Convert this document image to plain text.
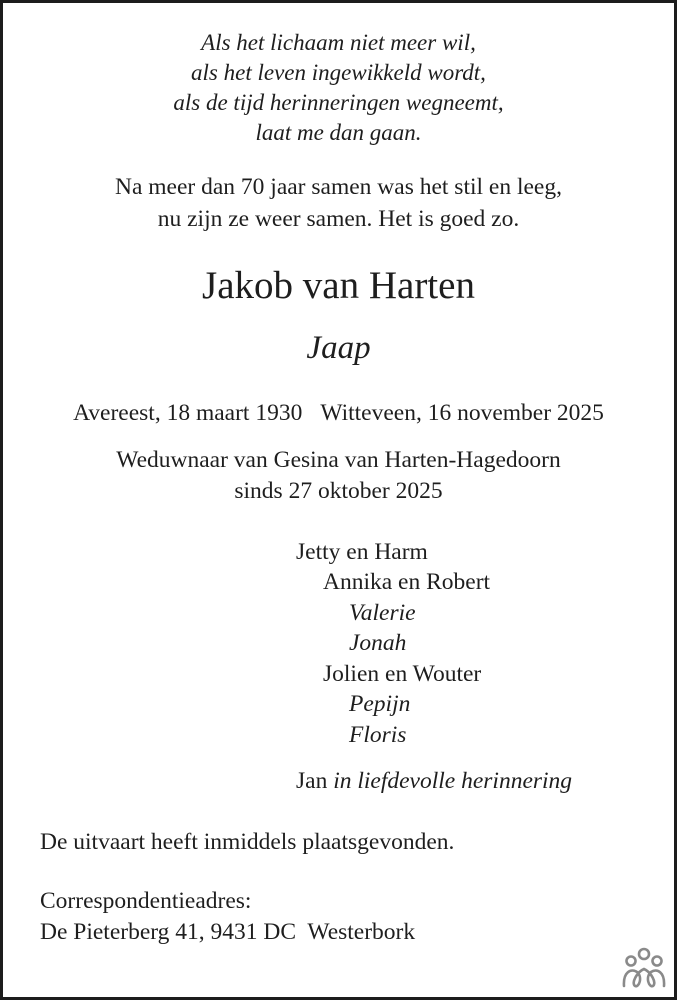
Als het lichaam niet meer wil,
als het leven ingewikkeld wordt,
als de tijd herinneringen wegneemt,
laat me dan gaan.
Na meer dan 70 jaar samen was het stil en leeg,
nu zijn ze weer samen. Het is goed zo.
Jakob van Harten
Jaap
Avereest, 18 maart 1930 Witteveen, 16 november 2025
Weduwnaar van Gesina van Harten-Hagedoorn
sinds 27 oktober 2025
Jetty en Harm
Annika en Robert
Valerie
Jonah
Jolien en Wouter
Pepijn
Floris
Jan in liefdevolle herinnering
De uitvaart heeft inmiddels plaatsgevonden.
Correspondentieadres:
De Pieterberg 41, 9431 DC  Westerbork
